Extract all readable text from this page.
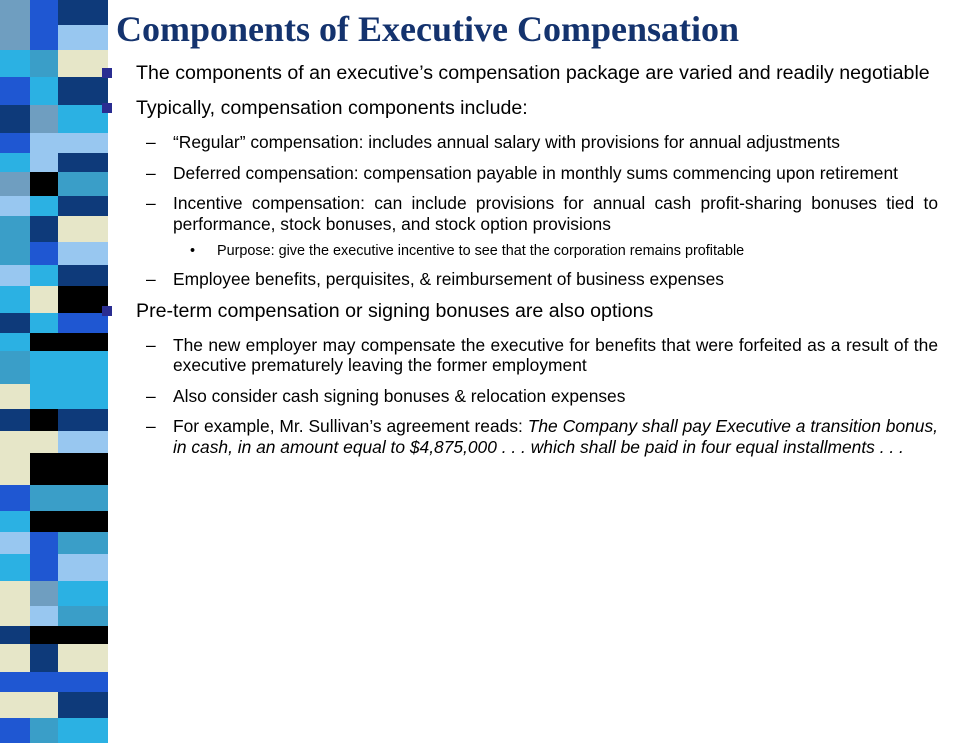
Components of Executive Compensation
The components of an executive’s compensation package are varied and readily negotiable
Typically, compensation components include:
– “Regular” compensation: includes annual salary with provisions for annual adjustments
– Deferred compensation: compensation payable in monthly sums commencing upon retirement
– Incentive compensation: can include provisions for annual cash profit-sharing bonuses tied to performance, stock bonuses, and stock option provisions
• Purpose: give the executive incentive to see that the corporation remains profitable
– Employee benefits, perquisites, & reimbursement of business expenses
Pre-term compensation or signing bonuses are also options
– The new employer may compensate the executive for benefits that were forfeited as a result of the executive prematurely leaving the former employment
– Also consider cash signing bonuses & relocation expenses
– For example, Mr. Sullivan’s agreement reads: The Company shall pay Executive a transition bonus, in cash, in an amount equal to $4,875,000 . . . which shall be paid in four equal installments . . .
